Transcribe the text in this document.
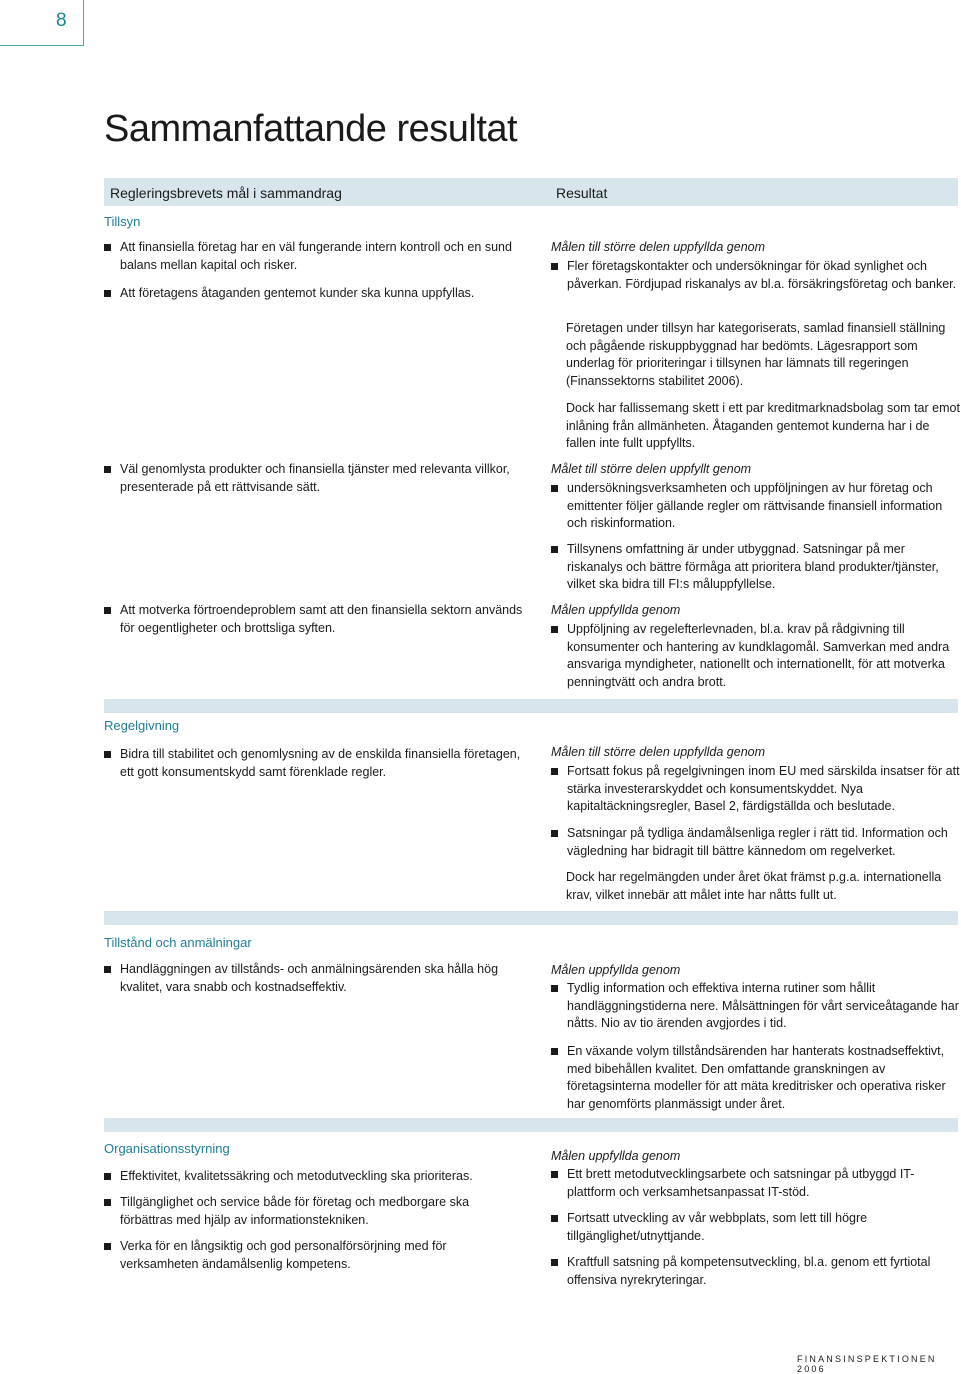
8
Sammanfattande resultat
Regleringsbrevets mål i sammandrag	Resultat
Tillsyn
Att finansiella företag har en väl fungerande intern kontroll och en sund balans mellan kapital och risker.
Att företagens åtaganden gentemot kunder ska kunna uppfyllas.
Väl genomlysta produkter och finansiella tjänster med relevanta villkor, presenterade på ett rättvisande sätt.
Att motverka förtroendeproblem samt att den finansiella sektorn används för oegentligheter och brottsliga syften.
Målen till större delen uppfyllda genom
Fler företagskontakter och undersökningar för ökad synlighet och påverkan. Fördjupad riskanalys av bl.a. försäkringsföretag och banker.
Företagen under tillsyn har kategoriserats, samlad finansiell ställning och pågående riskuppbyggnad har bedömts. Lägesrapport som underlag för prioriteringar i tillsynen har lämnats till regeringen (Finanssektorns stabilitet 2006).
Dock har fallissemang skett i ett par kreditmarknadsbolag som tar emot inlåning från allmänheten. Åtaganden gentemot kunderna har i de fallen inte fullt uppfyllts.
Målet till större delen uppfyllt genom
undersökningsverksamheten och uppföljningen av hur företag och emittenter följer gällande regler om rättvisande finansiell information och riskinformation.
Tillsynens omfattning är under utbyggnad. Satsningar på mer riskanalys och bättre förmåga att prioritera bland produkter/tjänster, vilket ska bidra till FI:s måluppfyllelse.
Målen uppfyllda genom
Uppföljning av regelefterlevnaden, bl.a. krav på rådgivning till konsumenter och hantering av kundklagomål. Samverkan med andra ansvariga myndigheter, nationellt och internationellt, för att motverka penningtvätt och andra brott.
Regelgivning
Bidra till stabilitet och genomlysning av de enskilda finansiella företagen, ett gott konsumentskydd samt förenklade regler.
Målen till större delen uppfyllda genom
Fortsatt fokus på regelgivningen inom EU med särskilda insatser för att stärka investerarskyddet och konsumentskyddet. Nya kapitaltäckningsregler, Basel 2, färdigställda och beslutade.
Satsningar på tydliga ändamålsenliga regler i rätt tid. Information och vägledning har bidragit till bättre kännedom om regelverket.
Dock har regelmängden under året ökat främst p.g.a. internationella krav, vilket innebär att målet inte har nåtts fullt ut.
Tillstånd och anmälningar
Handläggningen av tillstånds- och anmälningsärenden ska hålla hög kvalitet, vara snabb och kostnadseffektiv.
Målen uppfyllda genom
Tydlig information och effektiva interna rutiner som hållit handläggningstiderna nere. Målsättningen för vårt serviceåtagande har nåtts. Nio av tio ärenden avgjordes i tid.
En växande volym tillståndsärenden har hanterats kostnadseffektivt, med bibehållen kvalitet. Den omfattande granskningen av företagsinterna modeller för att mäta kreditrisker och operativa risker har genomförts planmässigt under året.
Organisationsstyrning
Effektivitet, kvalitetssäkring och metodutveckling ska prioriteras.
Tillgänglighet och service både för företag och medborgare ska förbättras med hjälp av informationstekniken.
Verka för en långsiktig och god personalförsörjning med för verksamheten ändamålsenlig kompetens.
Målen uppfyllda genom
Ett brett metodutvecklingsarbete och satsningar på utbyggd IT-plattform och verksamhetsanpassat IT-stöd.
Fortsatt utveckling av vår webbplats, som lett till högre tillgänglighet/utnyttjande.
Kraftfull satsning på kompetensutveckling, bl.a. genom ett fyrtiotal offensiva nyrekryteringar.
FINANSINSPEKTIONEN 2006
